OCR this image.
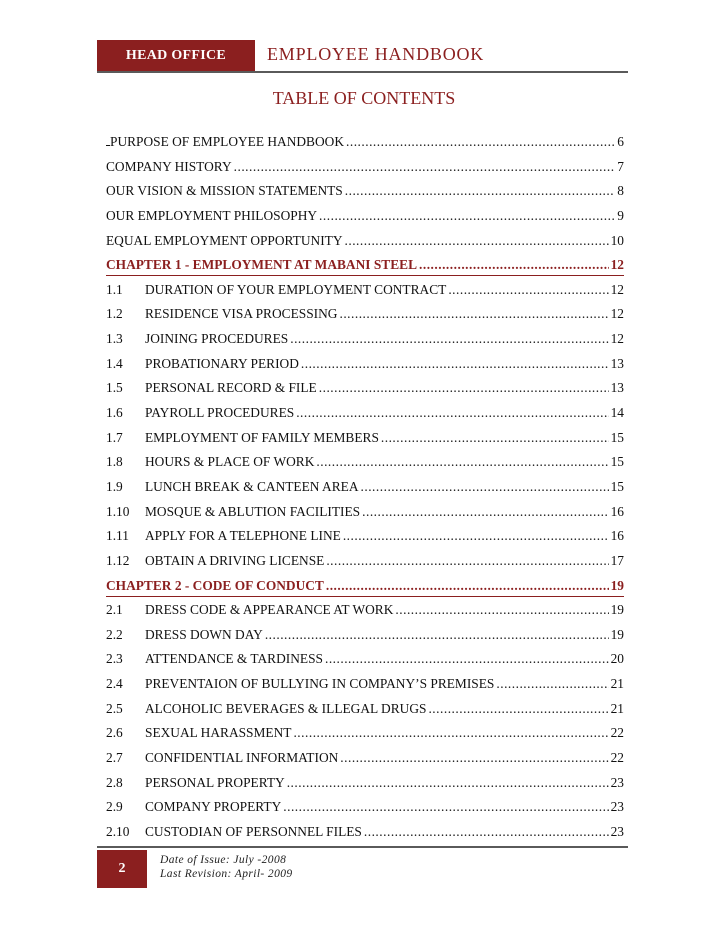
HEAD OFFICE	EMPLOYEE HANDBOOK
TABLE OF CONTENTS
PURPOSE OF EMPLOYEE HANDBOOK .....	6
COMPANY HISTORY .....	7
OUR VISION & MISSION STATEMENTS .....	8
OUR EMPLOYMENT PHILOSOPHY .....	9
EQUAL EMPLOYMENT OPPORTUNITY .....	10
CHAPTER 1 - EMPLOYMENT AT MABANI STEEL .....	12
1.1	DURATION OF YOUR EMPLOYMENT CONTRACT .....	12
1.2	RESIDENCE VISA PROCESSING .....	12
1.3	JOINING PROCEDURES .....	12
1.4	PROBATIONARY PERIOD .....	13
1.5	PERSONAL RECORD & FILE .....	13
1.6	PAYROLL PROCEDURES .....	14
1.7	EMPLOYMENT OF FAMILY MEMBERS .....	15
1.8	HOURS & PLACE OF WORK .....	15
1.9	LUNCH BREAK & CANTEEN AREA .....	15
1.10	MOSQUE & ABLUTION FACILITIES .....	16
1.11	APPLY FOR A TELEPHONE LINE .....	16
1.12	OBTAIN A DRIVING LICENSE .....	17
CHAPTER 2 - CODE OF CONDUCT .....	19
2.1	DRESS CODE & APPEARANCE AT WORK .....	19
2.2	DRESS DOWN DAY .....	19
2.3	ATTENDANCE & TARDINESS .....	20
2.4	PREVENTAION OF BULLYING IN COMPANY’S PREMISES .....	21
2.5	ALCOHOLIC BEVERAGES & ILLEGAL DRUGS .....	21
2.6	SEXUAL HARASSMENT .....	22
2.7	CONFIDENTIAL INFORMATION .....	22
2.8	PERSONAL PROPERTY .....	23
2.9	COMPANY PROPERTY .....	23
2.10	CUSTODIAN OF PERSONNEL FILES .....	23
2
Date of Issue: July -2008
Last Revision: April- 2009
